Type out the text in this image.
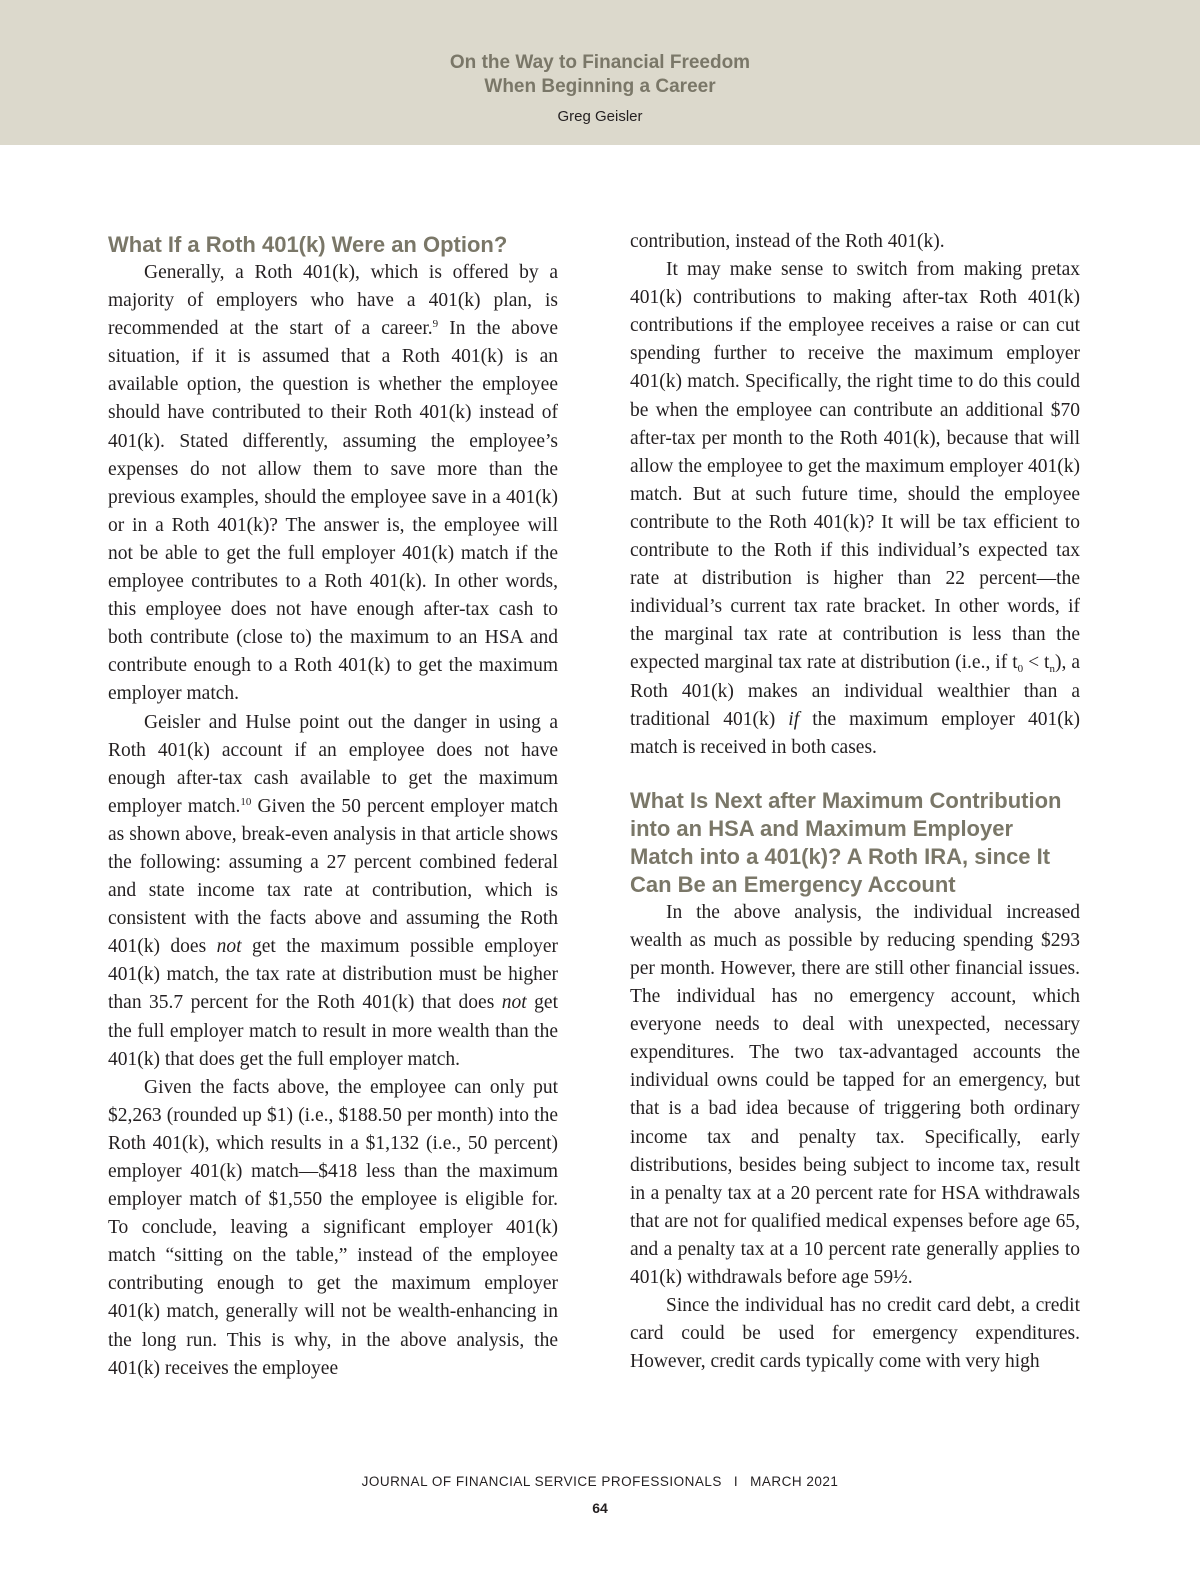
On the Way to Financial Freedom
When Beginning a Career
Greg Geisler
What If a Roth 401(k) Were an Option?

Generally, a Roth 401(k), which is offered by a majority of employers who have a 401(k) plan, is recommended at the start of a career.$^9$ In the above situation, if it is assumed that a Roth 401(k) is an available option, the question is whether the employee should have contributed to their Roth 401(k) instead of 401(k). Stated differently, assuming the employee’s expenses do not allow them to save more than the previous examples, should the employee save in a 401(k) or in a Roth 401(k)? The answer is, the employee will not be able to get the full employer 401(k) match if the employee contributes to a Roth 401(k). In other words, this employee does not have enough after-tax cash to both contribute (close to) the maximum to an HSA and contribute enough to a Roth 401(k) to get the maximum employer match.

Geisler and Hulse point out the danger in using a Roth 401(k) account if an employee does not have enough after-tax cash available to get the maximum employer match.$^{10}$ Given the 50 percent employer match as shown above, break-even analysis in that article shows the following: assuming a 27 percent combined federal and state income tax rate at contribution, which is consistent with the facts above and assuming the Roth 401(k) does not get the maximum possible employer 401(k) match, the tax rate at distribution must be higher than 35.7 percent for the Roth 401(k) that does not get the full employer match to result in more wealth than the 401(k) that does get the full employer match.

Given the facts above, the employee can only put $2,263 (rounded up $1) (i.e., $188.50 per month) into the Roth 401(k), which results in a $1,132 (i.e., 50 percent) employer 401(k) match—$418 less than the maximum employer match of $1,550 the employee is eligible for. To conclude, leaving a significant employer 401(k) match “sitting on the table,” instead of the employee contributing enough to get the maximum employer 401(k) match, generally will not be wealth-enhancing in the long run. This is why, in the above analysis, the 401(k) receives the employee

contribution, instead of the Roth 401(k).

It may make sense to switch from making pretax 401(k) contributions to making after-tax Roth 401(k) contributions if the employee receives a raise or can cut spending further to receive the maximum employer 401(k) match. Specifically, the right time to do this could be when the employee can contribute an additional $70 after-tax per month to the Roth 401(k), because that will allow the employee to get the maximum employer 401(k) match. But at such future time, should the employee contribute to the Roth 401(k)? It will be tax efficient to contribute to the Roth if this individual’s expected tax rate at distribution is higher than 22 percent—the individual’s current tax rate bracket. In other words, if the marginal tax rate at contribution is less than the expected marginal tax rate at distribution (i.e., if $t_0 < t_n$), a Roth 401(k) makes an individual wealthier than a traditional 401(k) if the maximum employer 401(k) match is received in both cases.

What Is Next after Maximum Contribution into an HSA and Maximum Employer Match into a 401(k)? A Roth IRA, since It Can Be an Emergency Account

In the above analysis, the individual increased wealth as much as possible by reducing spending $293 per month. However, there are still other financial issues. The individual has no emergency account, which everyone needs to deal with unexpected, necessary expenditures. The two tax-advantaged accounts the individual owns could be tapped for an emergency, but that is a bad idea because of triggering both ordinary income tax and penalty tax. Specifically, early distributions, besides being subject to income tax, result in a penalty tax at a 20 percent rate for HSA withdrawals that are not for qualified medical expenses before age 65, and a penalty tax at a 10 percent rate generally applies to 401(k) withdrawals before age 59½.

Since the individual has no credit card debt, a credit card could be used for emergency expenditures. However, credit cards typically come with very high

JOURNAL OF FINANCIAL SERVICE PROFESSIONALS I MARCH 2021
64
